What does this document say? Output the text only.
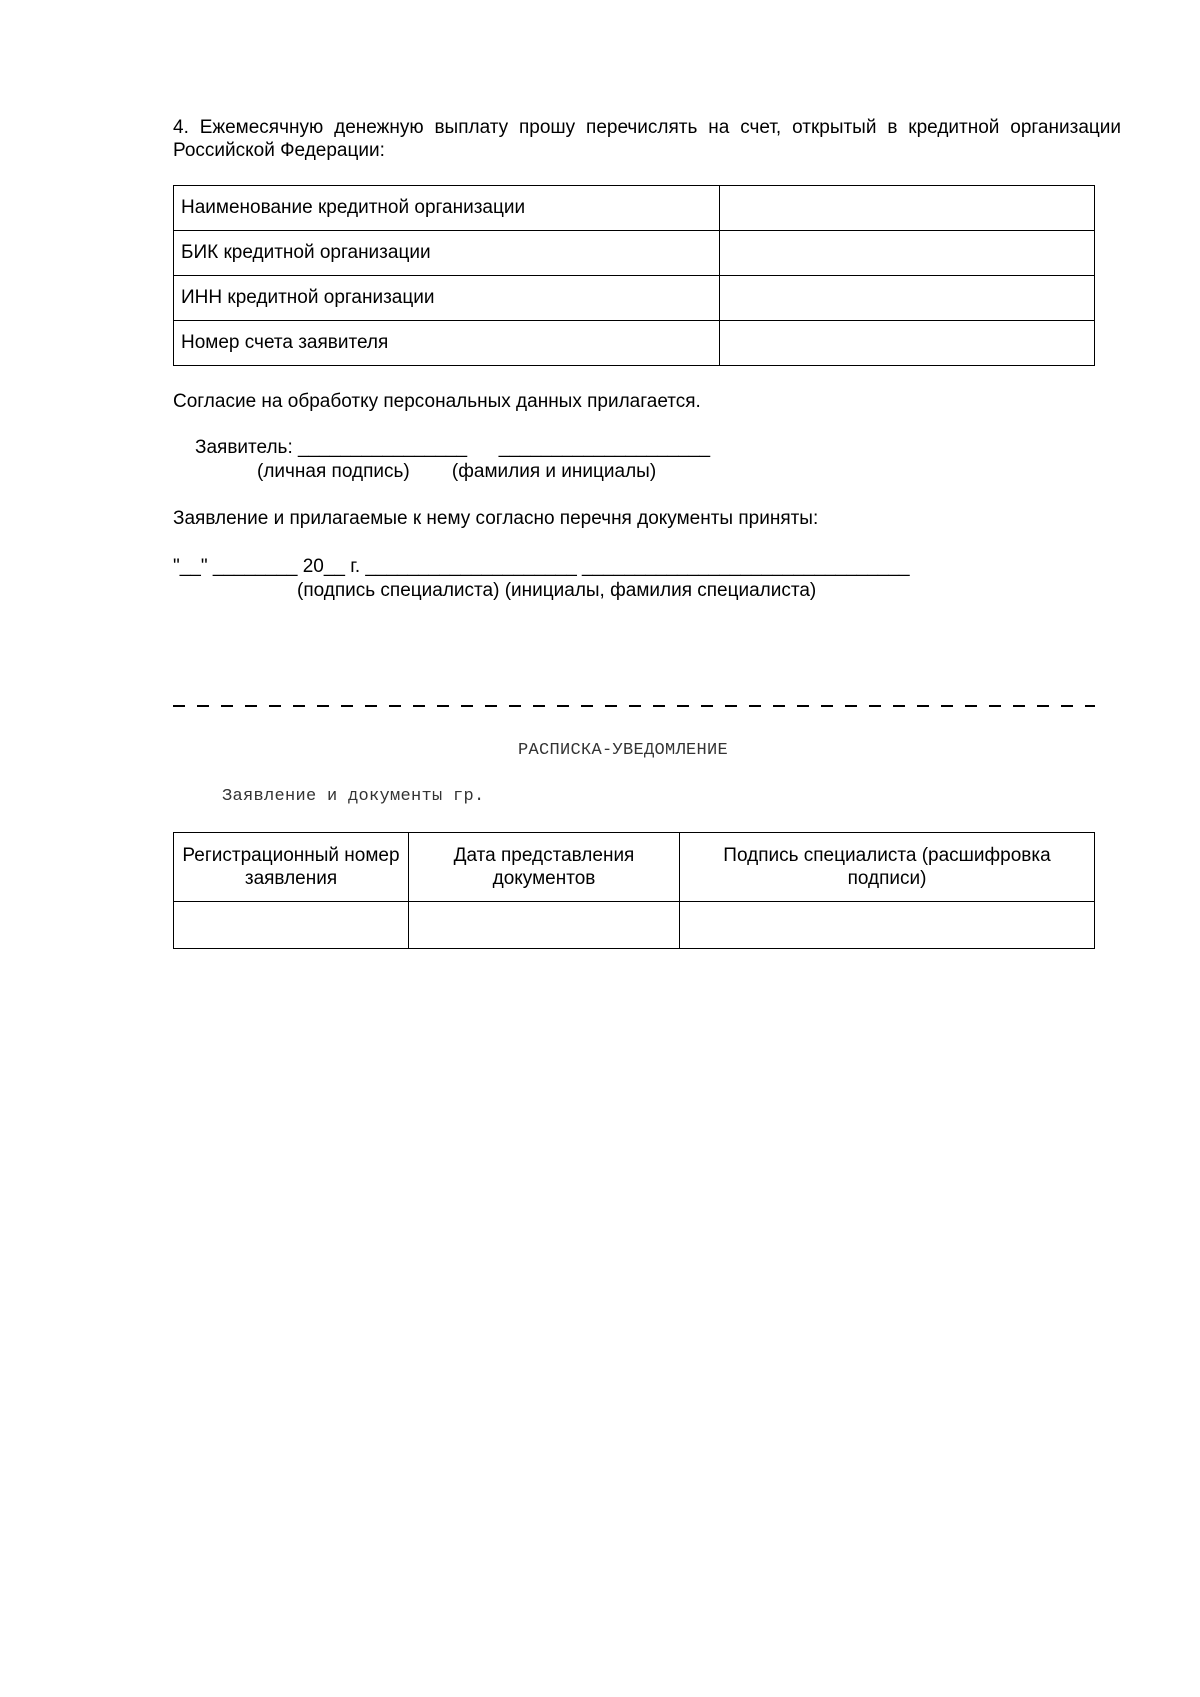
4. Ежемесячную денежную выплату прошу перечислять на счет, открытый в кредитной организации Российской Федерации:
Наименование кредитной организации	
БИК кредитной организации	
ИНН кредитной организации	
Номер счета заявителя	
Согласие на обработку персональных данных прилагается.
Заявитель: ________________      ____________________
(личная подпись)        (фамилия и инициалы)
Заявление и прилагаемые к нему согласно перечня документы приняты:
"__" ________ 20__ г. ____________________ _______________________________
(подпись специалиста) (инициалы, фамилия специалиста)
РАСПИСКА-УВЕДОМЛЕНИЕ
Заявление и документы гр.
Регистрационный номер заявления	Дата представления документов	Подпись специалиста (расшифровка подписи)
